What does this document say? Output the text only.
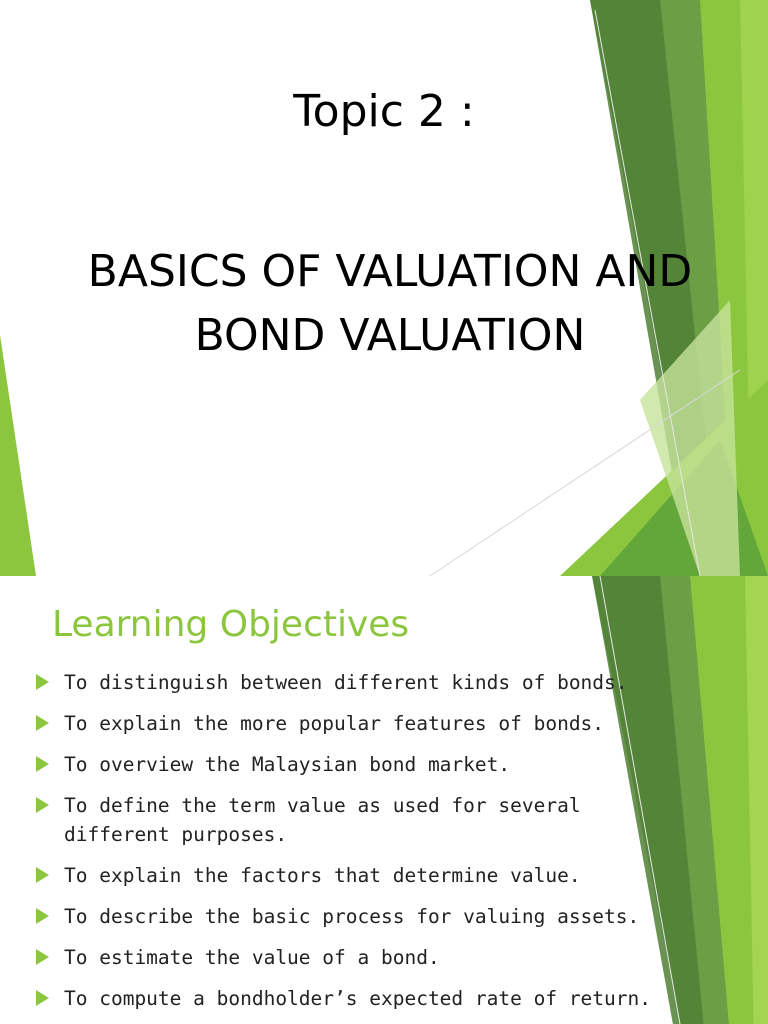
Topic 2 :
BASICS OF VALUATION AND
BOND VALUATION
Learning Objectives
To distinguish between different kinds of bonds.
To explain the more popular features of bonds.
To overview the Malaysian bond market.
To define the term value as used for several different purposes.
To explain the factors that determine value.
To describe the basic process for valuing assets.
To estimate the value of a bond.
To compute a bondholder’s expected rate of return.
